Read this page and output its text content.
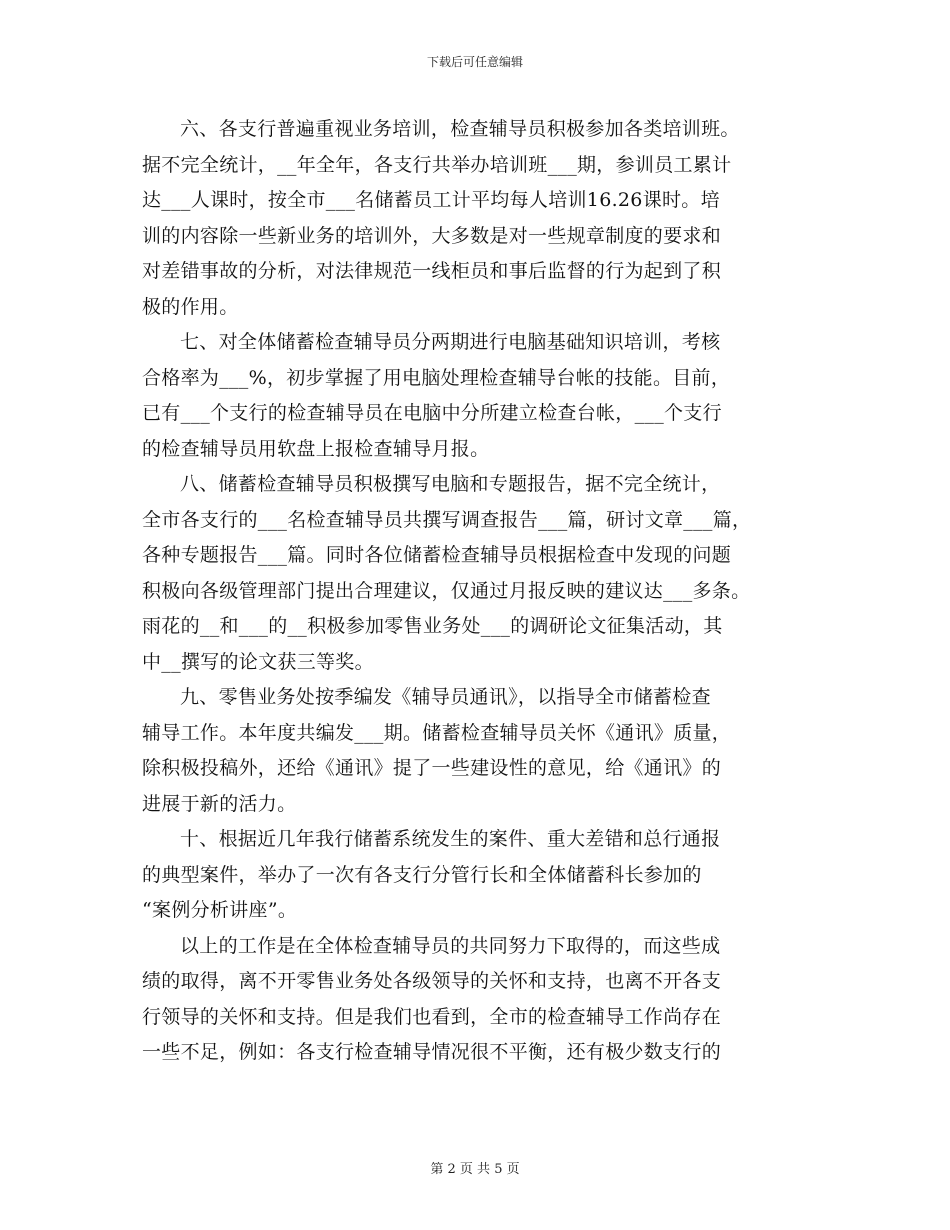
下载后可任意编辑
六、各支行普遍重视业务培训，检查辅导员积极参加各类培训班。
据不完全统计，__年全年，各支行共举办培训班___期，参训员工累计
达___人课时，按全市___名储蓄员工计平均每人培训16.26课时。培
训的内容除一些新业务的培训外，大多数是对一些规章制度的要求和
对差错事故的分析，对法律规范一线柜员和事后监督的行为起到了积
极的作用。
七、对全体储蓄检查辅导员分两期进行电脑基础知识培训，考核
合格率为___%，初步掌握了用电脑处理检查辅导台帐的技能。目前，
已有___个支行的检查辅导员在电脑中分所建立检查台帐，___个支行
的检查辅导员用软盘上报检查辅导月报。
八、储蓄检查辅导员积极撰写电脑和专题报告，据不完全统计，
全市各支行的___名检查辅导员共撰写调查报告___篇，研讨文章___篇，
各种专题报告___篇。同时各位储蓄检查辅导员根据检查中发现的问题
积极向各级管理部门提出合理建议，仅通过月报反映的建议达___多条。
雨花的__和___的__积极参加零售业务处___的调研论文征集活动，其
中__撰写的论文获三等奖。
九、零售业务处按季编发《辅导员通讯》，以指导全市储蓄检查
辅导工作。本年度共编发___期。储蓄检查辅导员关怀《通讯》质量，
除积极投稿外，还给《通讯》提了一些建设性的意见，给《通讯》的
进展于新的活力。
十、根据近几年我行储蓄系统发生的案件、重大差错和总行通报
的典型案件，举办了一次有各支行分管行长和全体储蓄科长参加的
“案例分析讲座”。
以上的工作是在全体检查辅导员的共同努力下取得的，而这些成
绩的取得，离不开零售业务处各级领导的关怀和支持，也离不开各支
行领导的关怀和支持。但是我们也看到，全市的检查辅导工作尚存在
一些不足，例如：各支行检查辅导情况很不平衡，还有极少数支行的
第 2 页 共 5 页
